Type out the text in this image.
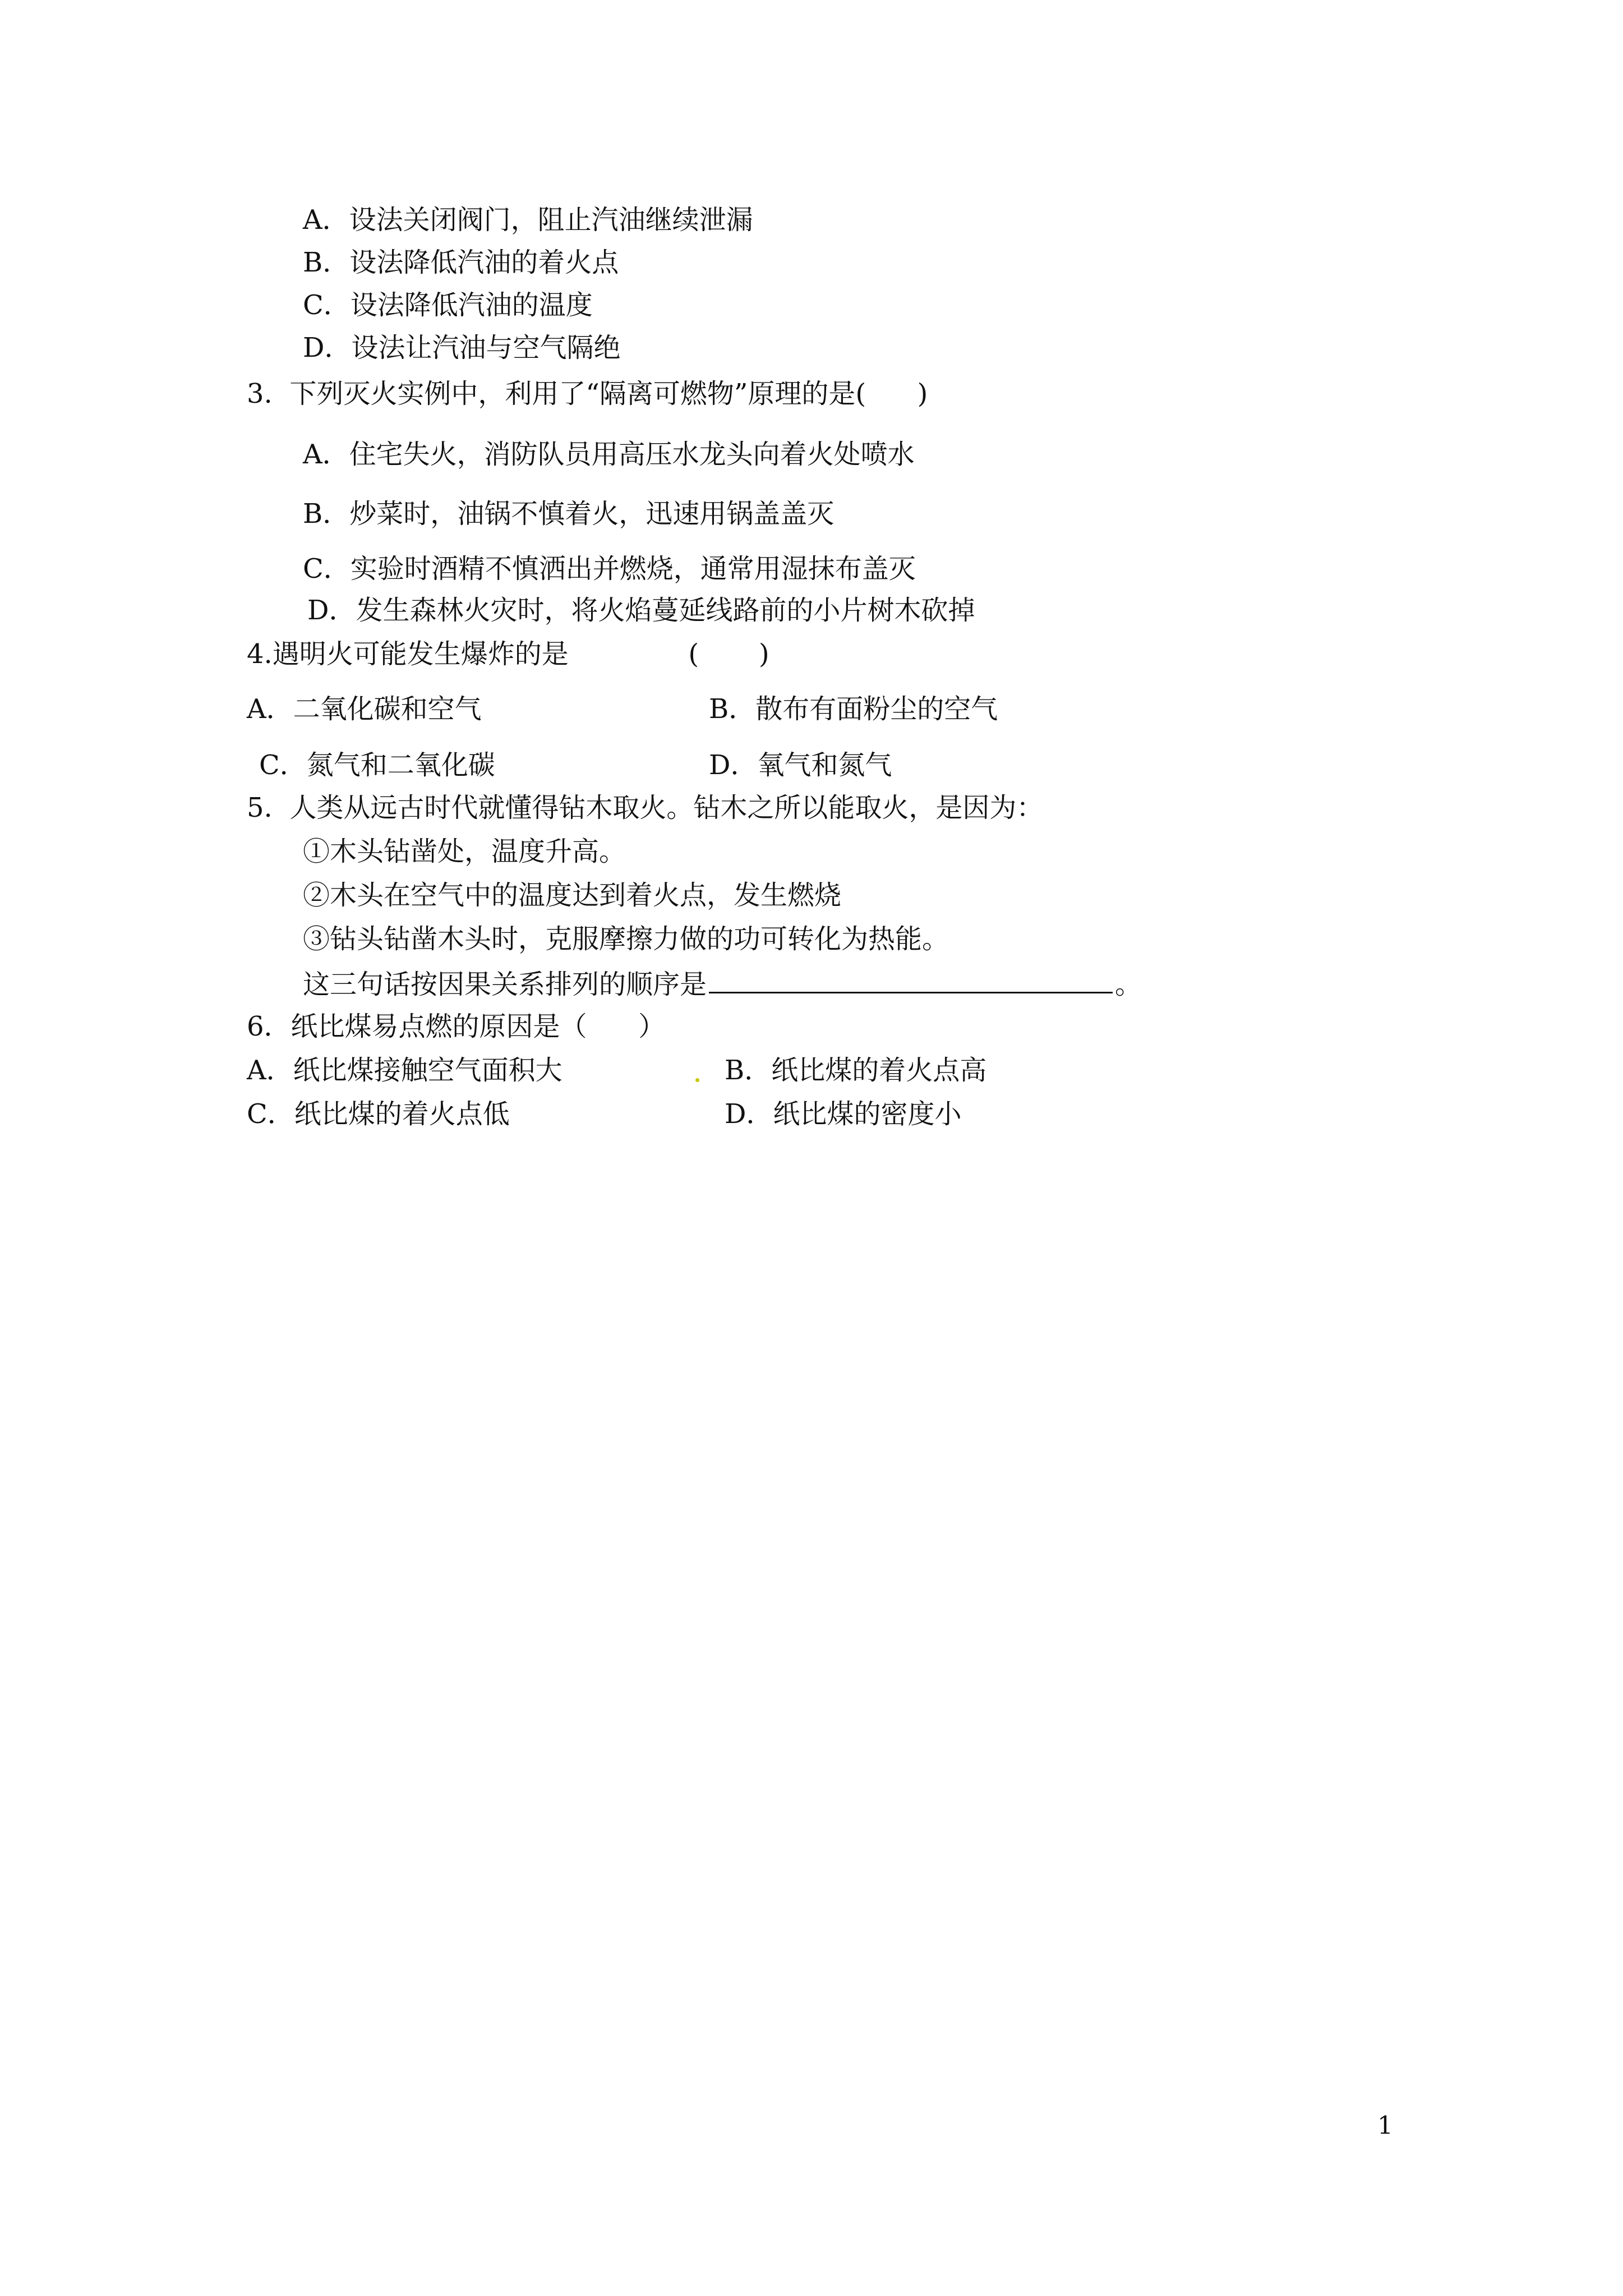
A．设法关闭阀门，阻止汽油继续泄漏
B．设法降低汽油的着火点
C．设法降低汽油的温度
D．设法让汽油与空气隔绝
3.  下列灭火实例中，利用了“隔离可燃物”原理的是(      )
A．住宅失火，消防队员用高压水龙头向着火处喷水
B．炒菜时，油锅不慎着火，迅速用锅盖盖灭
C．实验时酒精不慎洒出并燃烧，通常用湿抹布盖灭
D．发生森林火灾时，将火焰蔓延线路前的小片树木砍掉
4.遇明火可能发生爆炸的是              (       )
A．二氧化碳和空气	B．散布有面粉尘的空气
C．氮气和二氧化碳	D．氧气和氮气
5.  人类从远古时代就懂得钻木取火。钻木之所以能取火，是因为：
①木头钻凿处，温度升高。
②木头在空气中的温度达到着火点，发生燃烧
③钻头钻凿木头时，克服摩擦力做的功可转化为热能。
这三句话按因果关系排列的顺序是	。
6．纸比煤易点燃的原因是（      ）
A．纸比煤接触空气面积大	B．纸比煤的着火点高
C．纸比煤的着火点低	D．纸比煤的密度小
1
